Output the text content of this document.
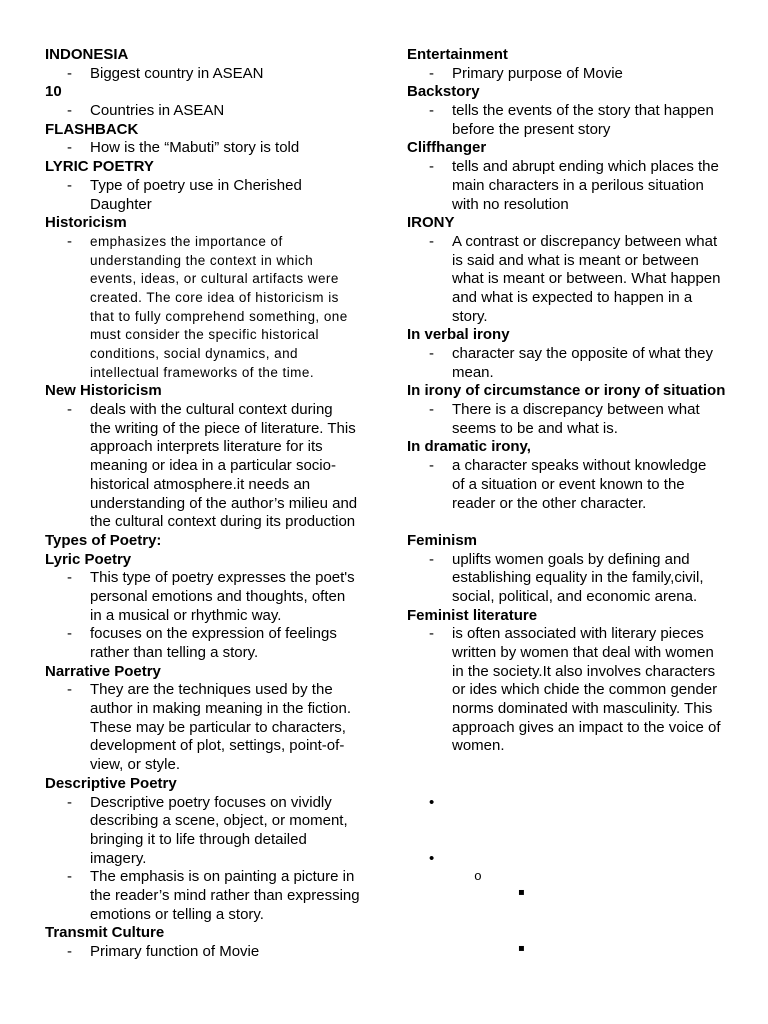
INDONESIA
- Biggest country in ASEAN
10
- Countries in ASEAN
FLASHBACK
- How is the “Mabuti” story is told
LYRIC POETRY
- Type of poetry use in Cherished
Daughter
Historicism
- emphasizes the importance of
understanding the context in which
events, ideas, or cultural artifacts were
created. The core idea of historicism is
that to fully comprehend something, one
must consider the specific historical
conditions, social dynamics, and
intellectual frameworks of the time.
New Historicism
- deals with the cultural context during
the writing of the piece of literature. This
approach interprets literature for its
meaning or idea in a particular socio-
historical atmosphere.it needs an
understanding of the author’s milieu and
the cultural context during its production
Types of Poetry:
Lyric Poetry
- This type of poetry expresses the poet's
personal emotions and thoughts, often
in a musical or rhythmic way.
- focuses on the expression of feelings
rather than telling a story.
Narrative Poetry
- They are the techniques used by the
author in making meaning in the fiction.
These may be particular to characters,
development of plot, settings, point-of-
view, or style.
Descriptive Poetry
- Descriptive poetry focuses on vividly
describing a scene, object, or moment,
bringing it to life through detailed
imagery.
- The emphasis is on painting a picture in
the reader’s mind rather than expressing
emotions or telling a story.
Transmit Culture
- Primary function of Movie
Entertainment
- Primary purpose of Movie
Backstory
- tells the events of the story that happen
before the present story
Cliffhanger
- tells and abrupt ending which places the
main characters in a perilous situation
with no resolution
IRONY
- A contrast or discrepancy between what
is said and what is meant or between
what is meant or between. What happen
and what is expected to happen in a
story.
In verbal irony
- character say the opposite of what they
mean.
In irony of circumstance or irony of situation
- There is a discrepancy between what
seems to be and what is.
In dramatic irony,
- a character speaks without knowledge
of a situation or event known to the
reader or the other character.
Feminism
- uplifts women goals by defining and
establishing equality in the family,civil,
social, political, and economic arena.
Feminist literature
- is often associated with literary pieces
written by women that deal with women
in the society.It also involves characters
or ides which chide the common gender
norms dominated with masculinity. This
approach gives an impact to the voice of
women.
•
•
o
▪
▪
